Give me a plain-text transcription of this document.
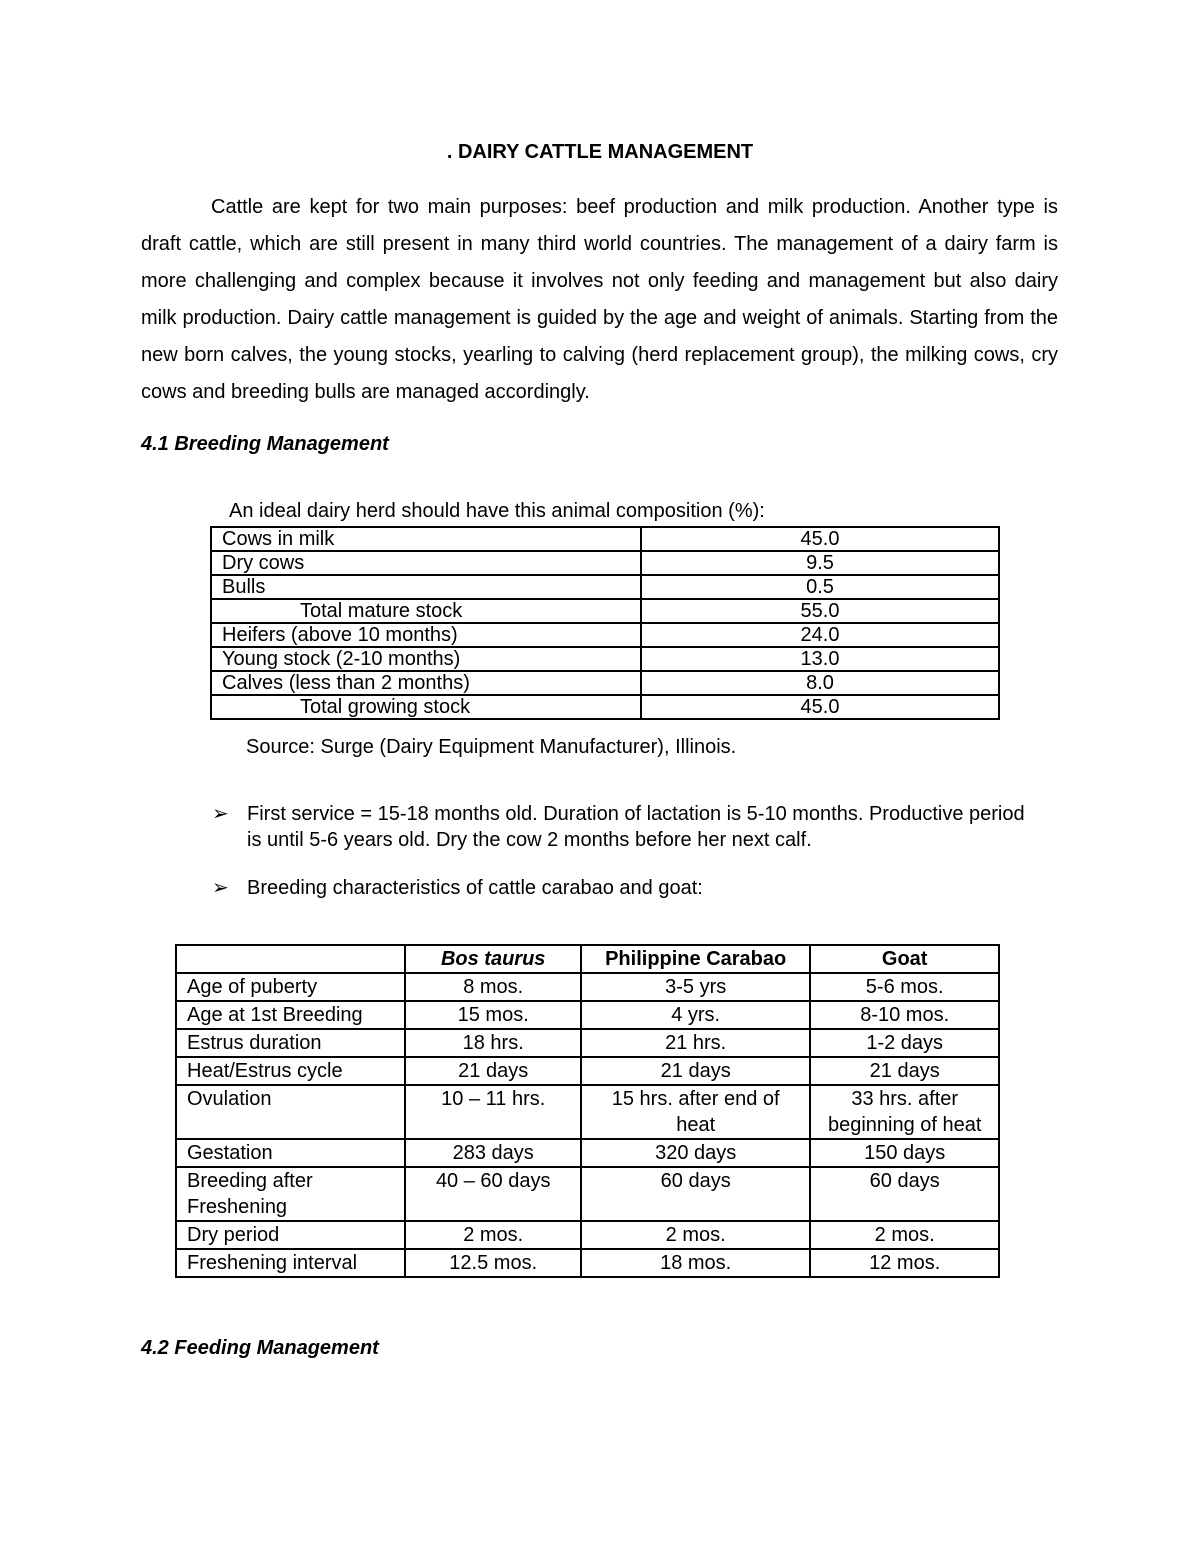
. DAIRY CATTLE MANAGEMENT

Cattle are kept for two main purposes: beef production and milk production. Another type is draft cattle, which are still present in many third world countries. The management of a dairy farm is more challenging and complex because it involves not only feeding and management but also dairy milk production. Dairy cattle management is guided by the age and weight of animals. Starting from the new born calves, the young stocks, yearling to calving (herd replacement group), the milking cows, cry cows and breeding bulls are managed accordingly.

4.1 Breeding Management

An ideal dairy herd should have this animal composition (%):

Cows in milk	45.0
Dry cows	9.5
Bulls	0.5
Total mature stock	55.0
Heifers (above 10 months)	24.0
Young stock (2-10 months)	13.0
Calves (less than 2 months)	8.0
Total growing stock	45.0

Source: Surge (Dairy Equipment Manufacturer), Illinois.

➢ First service = 15-18 months old. Duration of lactation is 5-10 months. Productive period is until 5-6 years old. Dry the cow 2 months before her next calf.
➢ Breeding characteristics of cattle carabao and goat:
	Bos taurus	Philippine Carabao	Goat
Age of puberty	8 mos.	3-5 yrs	5-6 mos.
Age at 1st Breeding	15 mos.	4 yrs.	8-10 mos.
Estrus duration	18 hrs.	21 hrs.	1-2 days
Heat/Estrus cycle	21 days	21 days	21 days
Ovulation	10 – 11 hrs.	15 hrs. after end of heat	33 hrs. after beginning of heat
Gestation	283 days	320 days	150 days
Breeding after Freshening	40 – 60 days	60 days	60 days
Dry period	2 mos.	2 mos.	2 mos.
Freshening interval	12.5 mos.	18 mos.	12 mos.
4.2 Feeding Management
